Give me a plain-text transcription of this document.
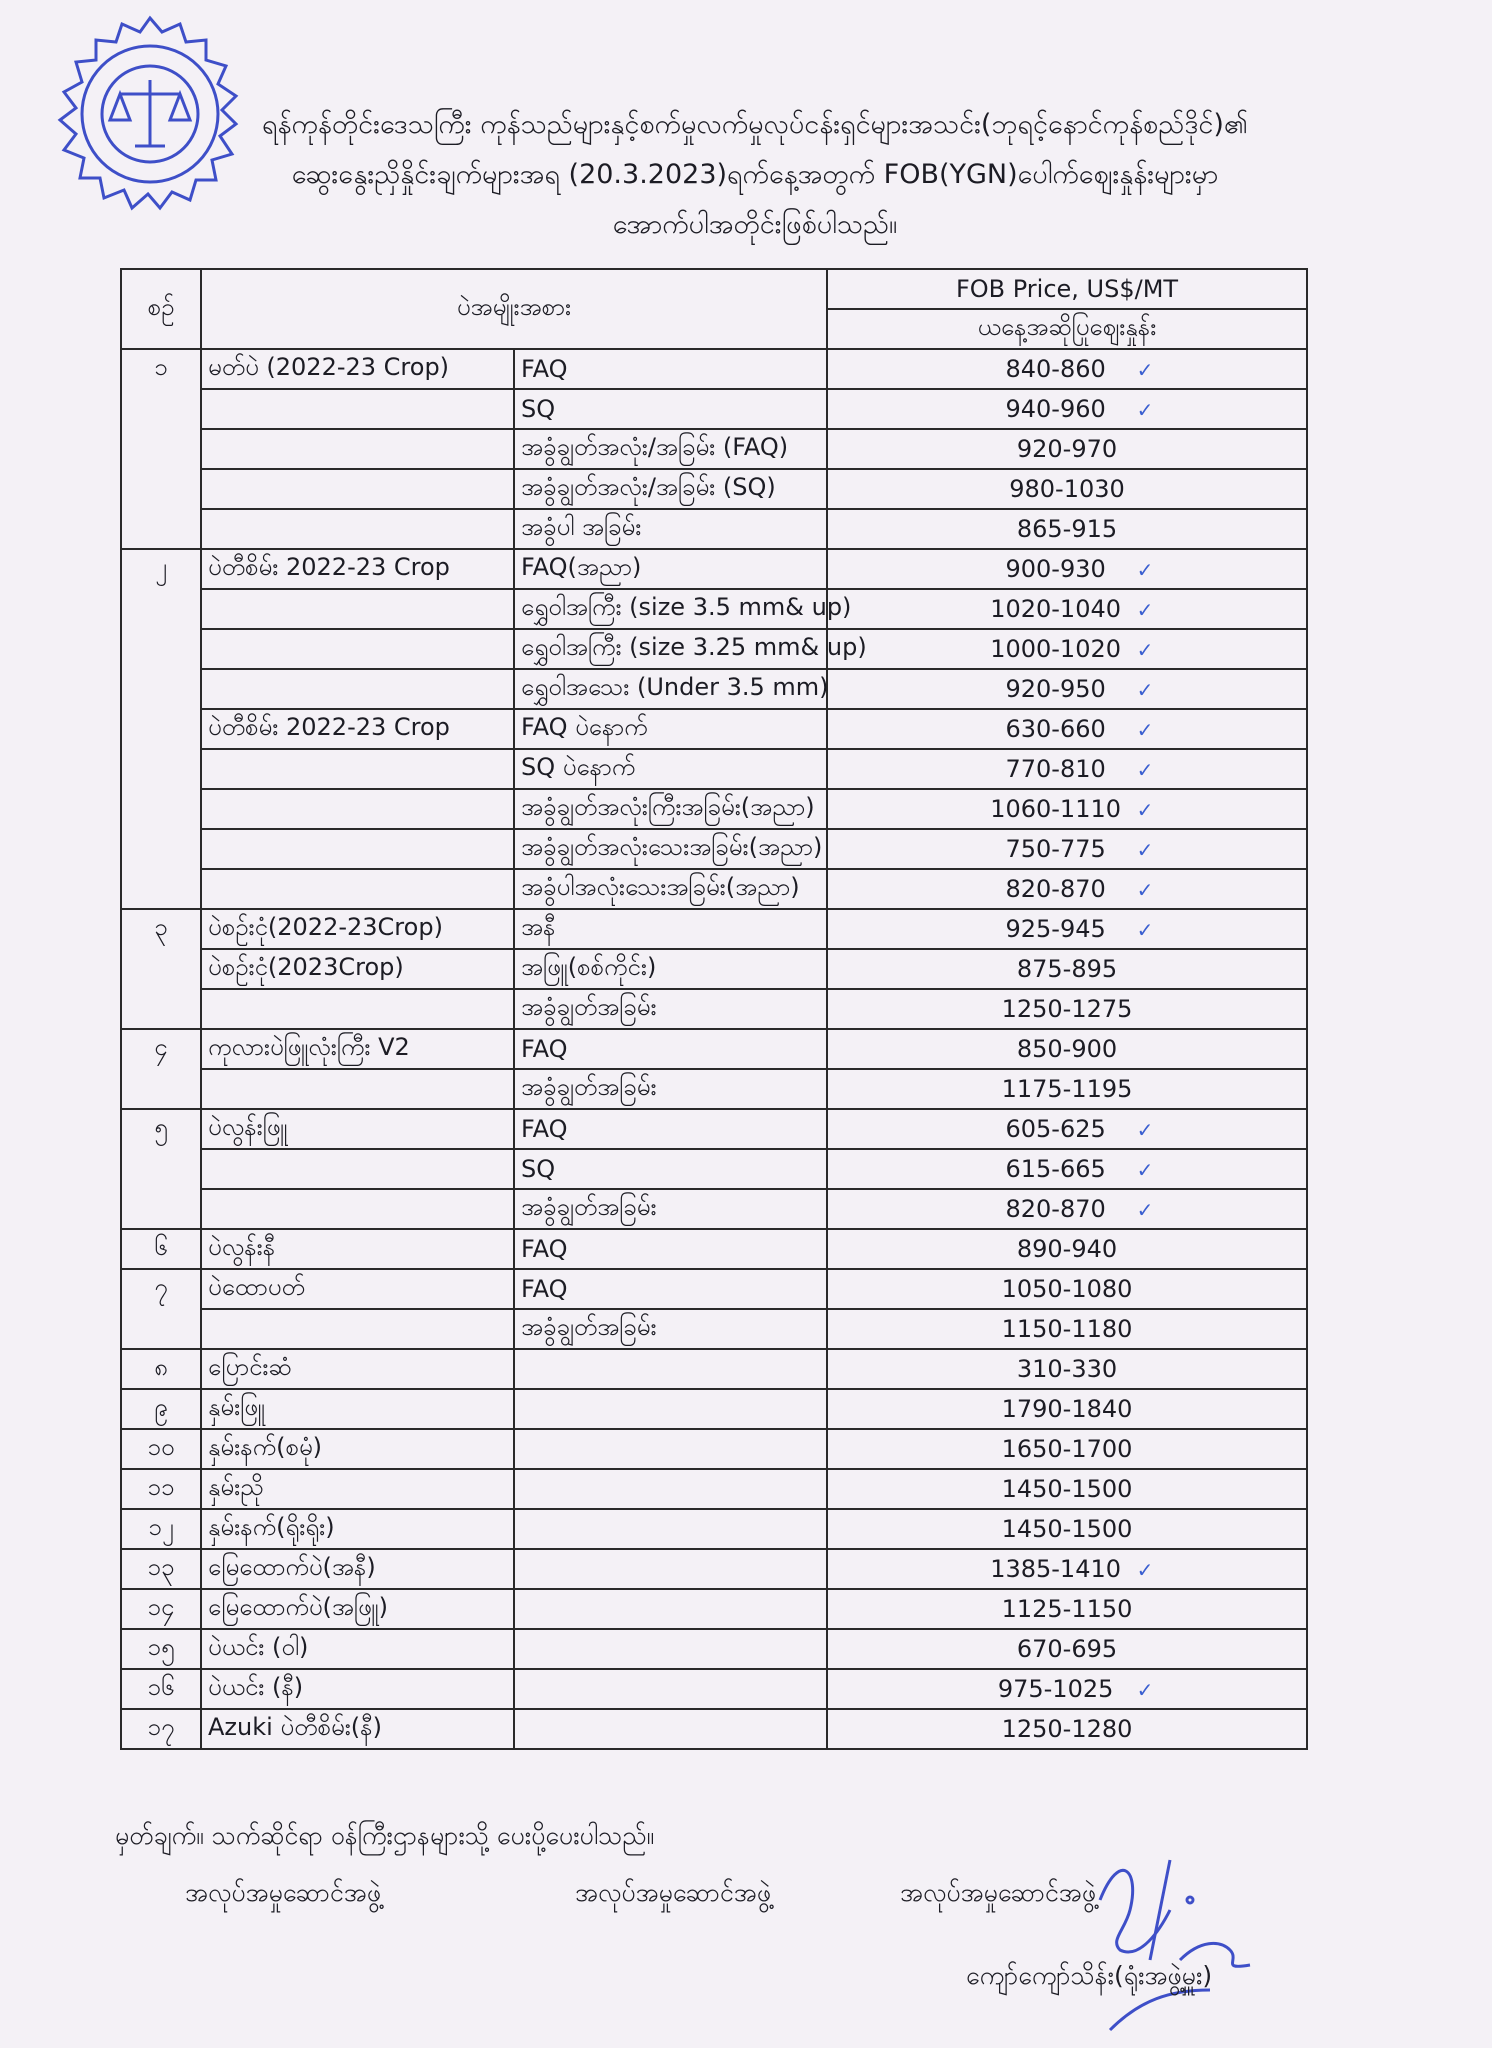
ရန်ကုန်တိုင်းဒေသကြီး ကုန်သည်များနှင့်စက်မှုလက်မှုလုပ်ငန်းရှင်များအသင်း(ဘုရင့်နောင်ကုန်စည်ဒိုင်)၏
ဆွေးနွေးညှိနှိုင်းချက်များအရ (20.3.2023)ရက်နေ့အတွက် FOB(YGN)ပေါက်ဈေးနှုန်းများမှာ
အောက်ပါအတိုင်းဖြစ်ပါသည်။
စဉ်	ပဲအမျိုးအစား		FOB Price, US$/MT
			ယနေ့အဆိုပြုဈေးနှုန်း
၁	မတ်ပဲ (2022-23 Crop)	FAQ	840-860 ✓
		SQ	940-960 ✓
		အခွံချွတ်အလုံး/အခြမ်း (FAQ)	920-970
		အခွံချွတ်အလုံး/အခြမ်း (SQ)	980-1030
		အခွံပါ အခြမ်း	865-915
၂	ပဲတီစိမ်း 2022-23 Crop	FAQ(အညာ)	900-930 ✓
		ရွှေဝါအကြီး (size 3.5 mm& up)	1020-1040 ✓
		ရွှေဝါအကြီး (size 3.25 mm& up)	1000-1020 ✓
		ရွှေဝါအသေး (Under 3.5 mm)	920-950 ✓
	ပဲတီစိမ်း 2022-23 Crop	FAQ ပဲနောက်	630-660 ✓
		SQ ပဲနောက်	770-810 ✓
		အခွံချွတ်အလုံးကြီးအခြမ်း(အညာ)	1060-1110 ✓
		အခွံချွတ်အလုံးသေးအခြမ်း(အညာ)	750-775 ✓
		အခွံပါအလုံးသေးအခြမ်း(အညာ)	820-870 ✓
၃	ပဲစဉ်းငုံ(2022-23Crop)	အနီ	925-945 ✓
	ပဲစဉ်းငုံ(2023Crop)	အဖြူ(စစ်ကိုင်း)	875-895
		အခွံချွတ်အခြမ်း	1250-1275
၄	ကုလားပဲဖြူလုံးကြီး V2	FAQ	850-900
		အခွံချွတ်အခြမ်း	1175-1195
၅	ပဲလွန်းဖြူ	FAQ	605-625 ✓
		SQ	615-665 ✓
		အခွံချွတ်အခြမ်း	820-870 ✓
၆	ပဲလွန်းနီ	FAQ	890-940
၇	ပဲထောပတ်	FAQ	1050-1080
		အခွံချွတ်အခြမ်း	1150-1180
၈	ပြောင်းဆံ		310-330
၉	နှမ်းဖြူ		1790-1840
၁၀	နှမ်းနက်(စမုံ)		1650-1700
၁၁	နှမ်းညို		1450-1500
၁၂	နှမ်းနက်(ရိုးရိုး)		1450-1500
၁၃	မြေထောက်ပဲ(အနီ)		1385-1410 ✓
၁၄	မြေထောက်ပဲ(အဖြူ)		1125-1150
၁၅	ပဲယင်း (ဝါ)		670-695
၁၆	ပဲယင်း (နီ)		975-1025 ✓
၁၇	Azuki ပဲတီစိမ်း(နီ)		1250-1280
မှတ်ချက်။ သက်ဆိုင်ရာ ဝန်ကြီးဌာနများသို့ ပေးပို့ပေးပါသည်။
အလုပ်အမှုဆောင်အဖွဲ့	အလုပ်အမှုဆောင်အဖွဲ့	အလုပ်အမှုဆောင်အဖွဲ့
ကျော်ကျော်သိန်း(ရုံးအဖွဲ့မှူး)
